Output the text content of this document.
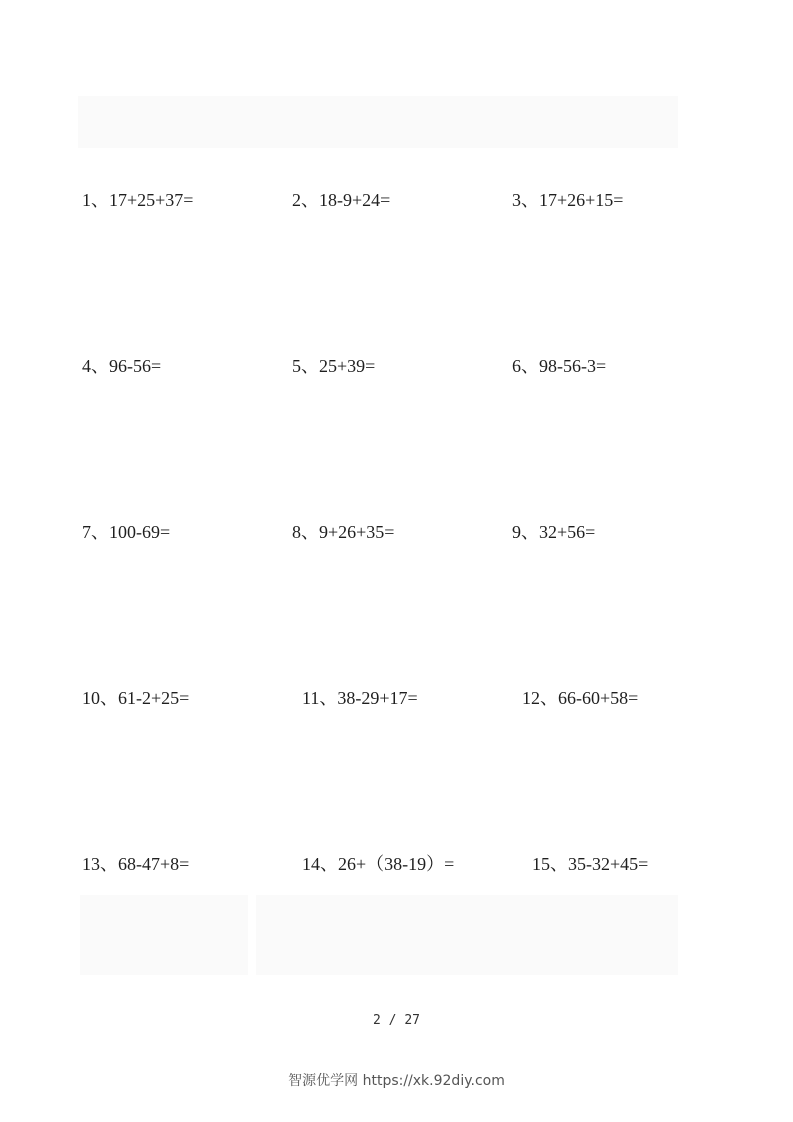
1、17+25+37=	2、18-9+24=	3、17+26+15=
4、96-56=	5、25+39=	6、98-56-3=
7、100-69=	8、9+26+35=	9、32+56=
10、61-2+25=	11、38-29+17=	12、66-60+58=
13、68-47+8=	14、26+（38-19）=	15、35-32+45=
2 / 27
智源优学网 https://xk.92diy.com
